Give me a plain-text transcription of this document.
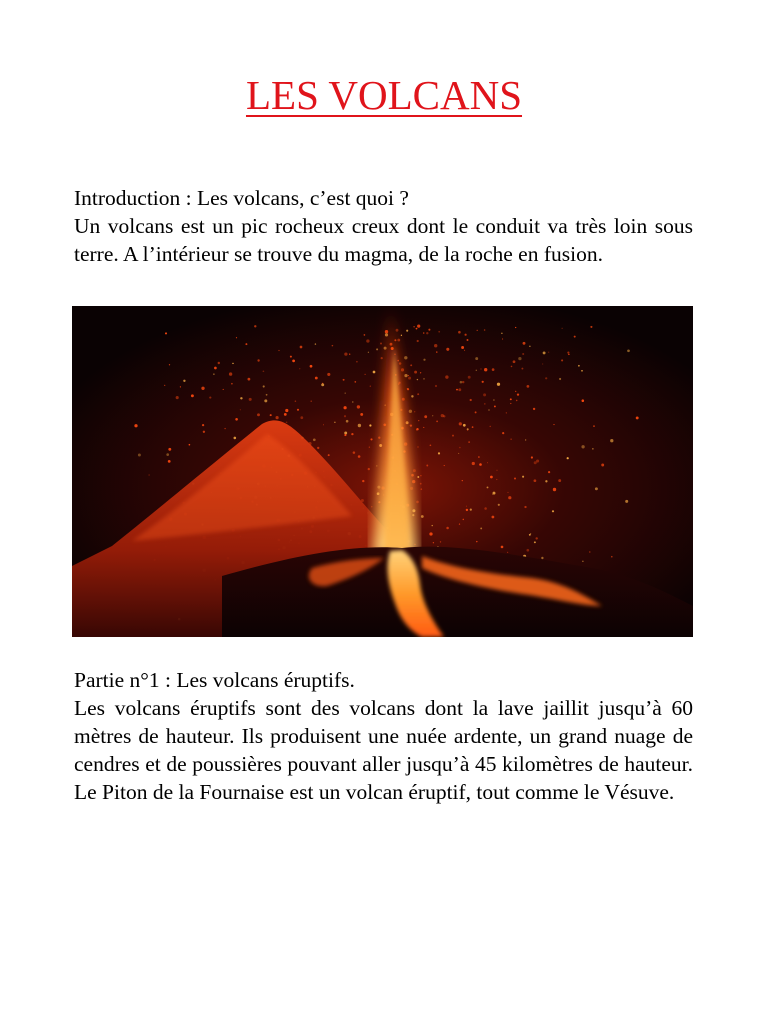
LES VOLCANS

Introduction : Les volcans, c’est quoi ?

Un volcans est un pic rocheux creux dont le conduit va très loin sous terre. A l’intérieur se trouve du magma, de la roche en fusion.

Partie n°1 : Les volcans éruptifs.

Les volcans éruptifs sont des volcans dont la lave jaillit jusqu’à 60 mètres de hauteur. Ils produisent une nuée ardente, un grand nuage de cendres et de poussières pouvant aller jusqu’à 45 kilomètres de hauteur. Le Piton de la Fournaise est un volcan éruptif, tout comme le Vésuve.
